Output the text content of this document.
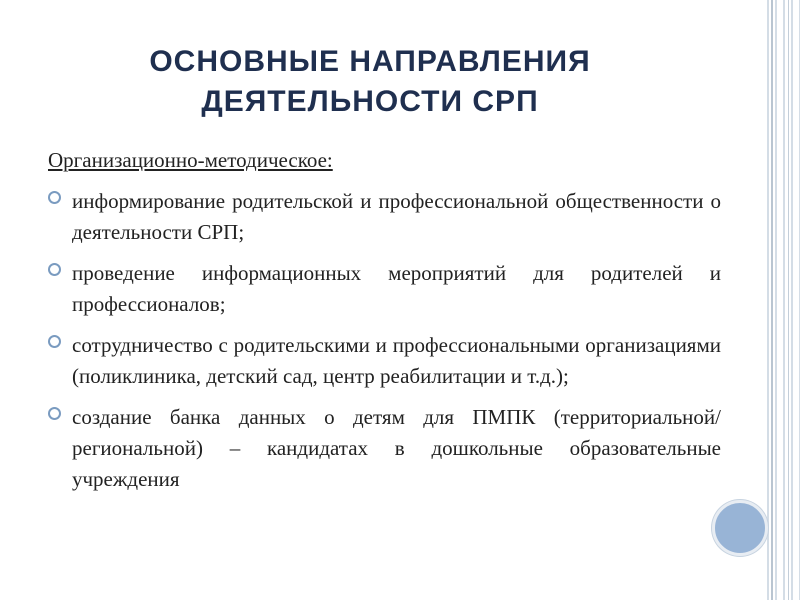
ОСНОВНЫЕ НАПРАВЛЕНИЯ
ДЕЯТЕЛЬНОСТИ СРП
Организационно-методическое:
информирование родительской и профессиональной общественности о деятельности СРП;
проведение информационных мероприятий для родителей и профессионалов;
сотрудничество с родительскими и профессиональными организациями (поликлиника, детский сад, центр реабилитации и т.д.);
создание банка данных о детям для ПМПК (территориальной/региональной) – кандидатах в дошкольные образовательные учреждения
